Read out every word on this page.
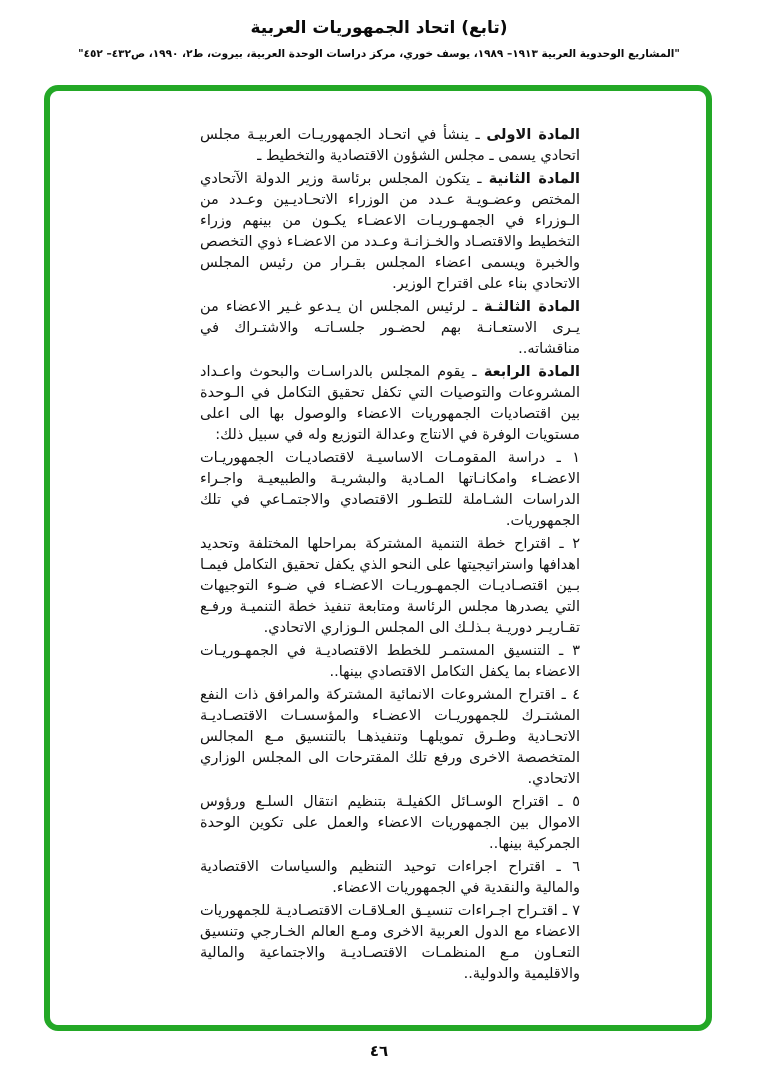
(تابع) اتحاد الجمهوريات العربية
"المشاريع الوحدوية العربية ١٩١٣– ١٩٨٩، يوسف خوري، مركز دراسات الوحدة العربية، بيروت، ط٢، ١٩٩٠، ص٤٣٢– ٤٥٢"

المادة الاولى ـ ينشأ في اتحـاد الجمهوريـات العربيـة مجلس اتحادي يسمى ـ مجلس الشؤون الاقتصادية والتخطيط ـ

المادة الثانية ـ يتكون المجلس برئاسة وزير الدولة الآتحادي المختص وعضـويـة عـدد من الوزراء الاتحـاديـين وعـدد من الـوزراء في الجمهـوريـات الاعضـاء يكـون من بينهم وزراء التخطيط والاقتصـاد والخـزانـة وعـدد من الاعضـاء ذوي التخصص والخبرة ويسمى اعضاء المجلس بقـرار من رئيس المجلس الاتحادي بناء على اقتراح الوزير.

المادة الثالثـة ـ لرئيس المجلس ان يـدعو غـير الاعضاء من يـرى الاستعـانـة بهم لحضـور جلسـاتـه والاشتـراك في مناقشاته..

المادة الرابعة ـ يقوم المجلس بالدراسـات والبحوث واعـداد المشروعات والتوصيات التي تكفل تحقيق التكامل في الـوحدة بين اقتصاديات الجمهوريات الاعضاء والوصول بها الى اعلى مستويات الوفرة في الانتاج وعدالة التوزيع وله في سبيل ذلك:

١ ـ دراسة المقومـات الاساسيـة لاقتصاديـات الجمهوريـات الاعضـاء وامكانـاتها المـادية والبشريـة والطبيعيـة واجـراء الدراسات الشـاملة للتطـور الاقتصادي والاجتمـاعي في تلك الجمهوريات.

٢ ـ اقتراح خطة التنمية المشتركة بمراحلها المختلفة وتحديد اهدافها واستراتيجيتها على النحو الذي يكفل تحقيق التكامل فيمـا بـين اقتصـاديـات الجمهـوريـات الاعضـاء في ضـوء التوجيهات التي يصدرها مجلس الرئاسة ومتابعة تنفيذ خطة التنميـة ورفـع تقـاريـر دوريـة بـذلـك الى المجلس الـوزاري الاتحادي.

٣ ـ التنسيق المستمـر للخطط الاقتصاديـة في الجمهـوريـات الاعضاء بما يكفل التكامل الاقتصادي بينها..

٤ ـ اقتراح المشروعات الانمائية المشتركة والمرافق ذات النفع المشتـرك للجمهوريـات الاعضـاء والمؤسسـات الاقتصـاديـة الاتحـادية وطـرق تمويلهـا وتنفيذهـا بالتنسيق مـع المجالس المتخصصة الاخرى ورفع تلك المقترحات الى المجلس الوزاري الاتحادي.

٥ ـ اقتراح الوسـائل الكفيلـة بتنظيم انتقال السلـع ورؤوس الاموال بين الجمهوريات الاعضاء والعمل على تكوين الوحدة الجمركية بينها..

٦ ـ اقتراح اجراءات توحيد التنظيم والسياسات الاقتصادية والمالية والنقدية في الجمهوريات الاعضاء.

٧ ـ اقتـراح اجـراءات تنسيـق العـلاقـات الاقتصـاديـة للجمهوريات الاعضاء مع الدول العربية الاخرى ومـع العالم الخـارجي وتنسيق التعـاون مـع المنظمـات الاقتصـاديـة والاجتماعية والمالية والاقليمية والدولية..

٤٦
